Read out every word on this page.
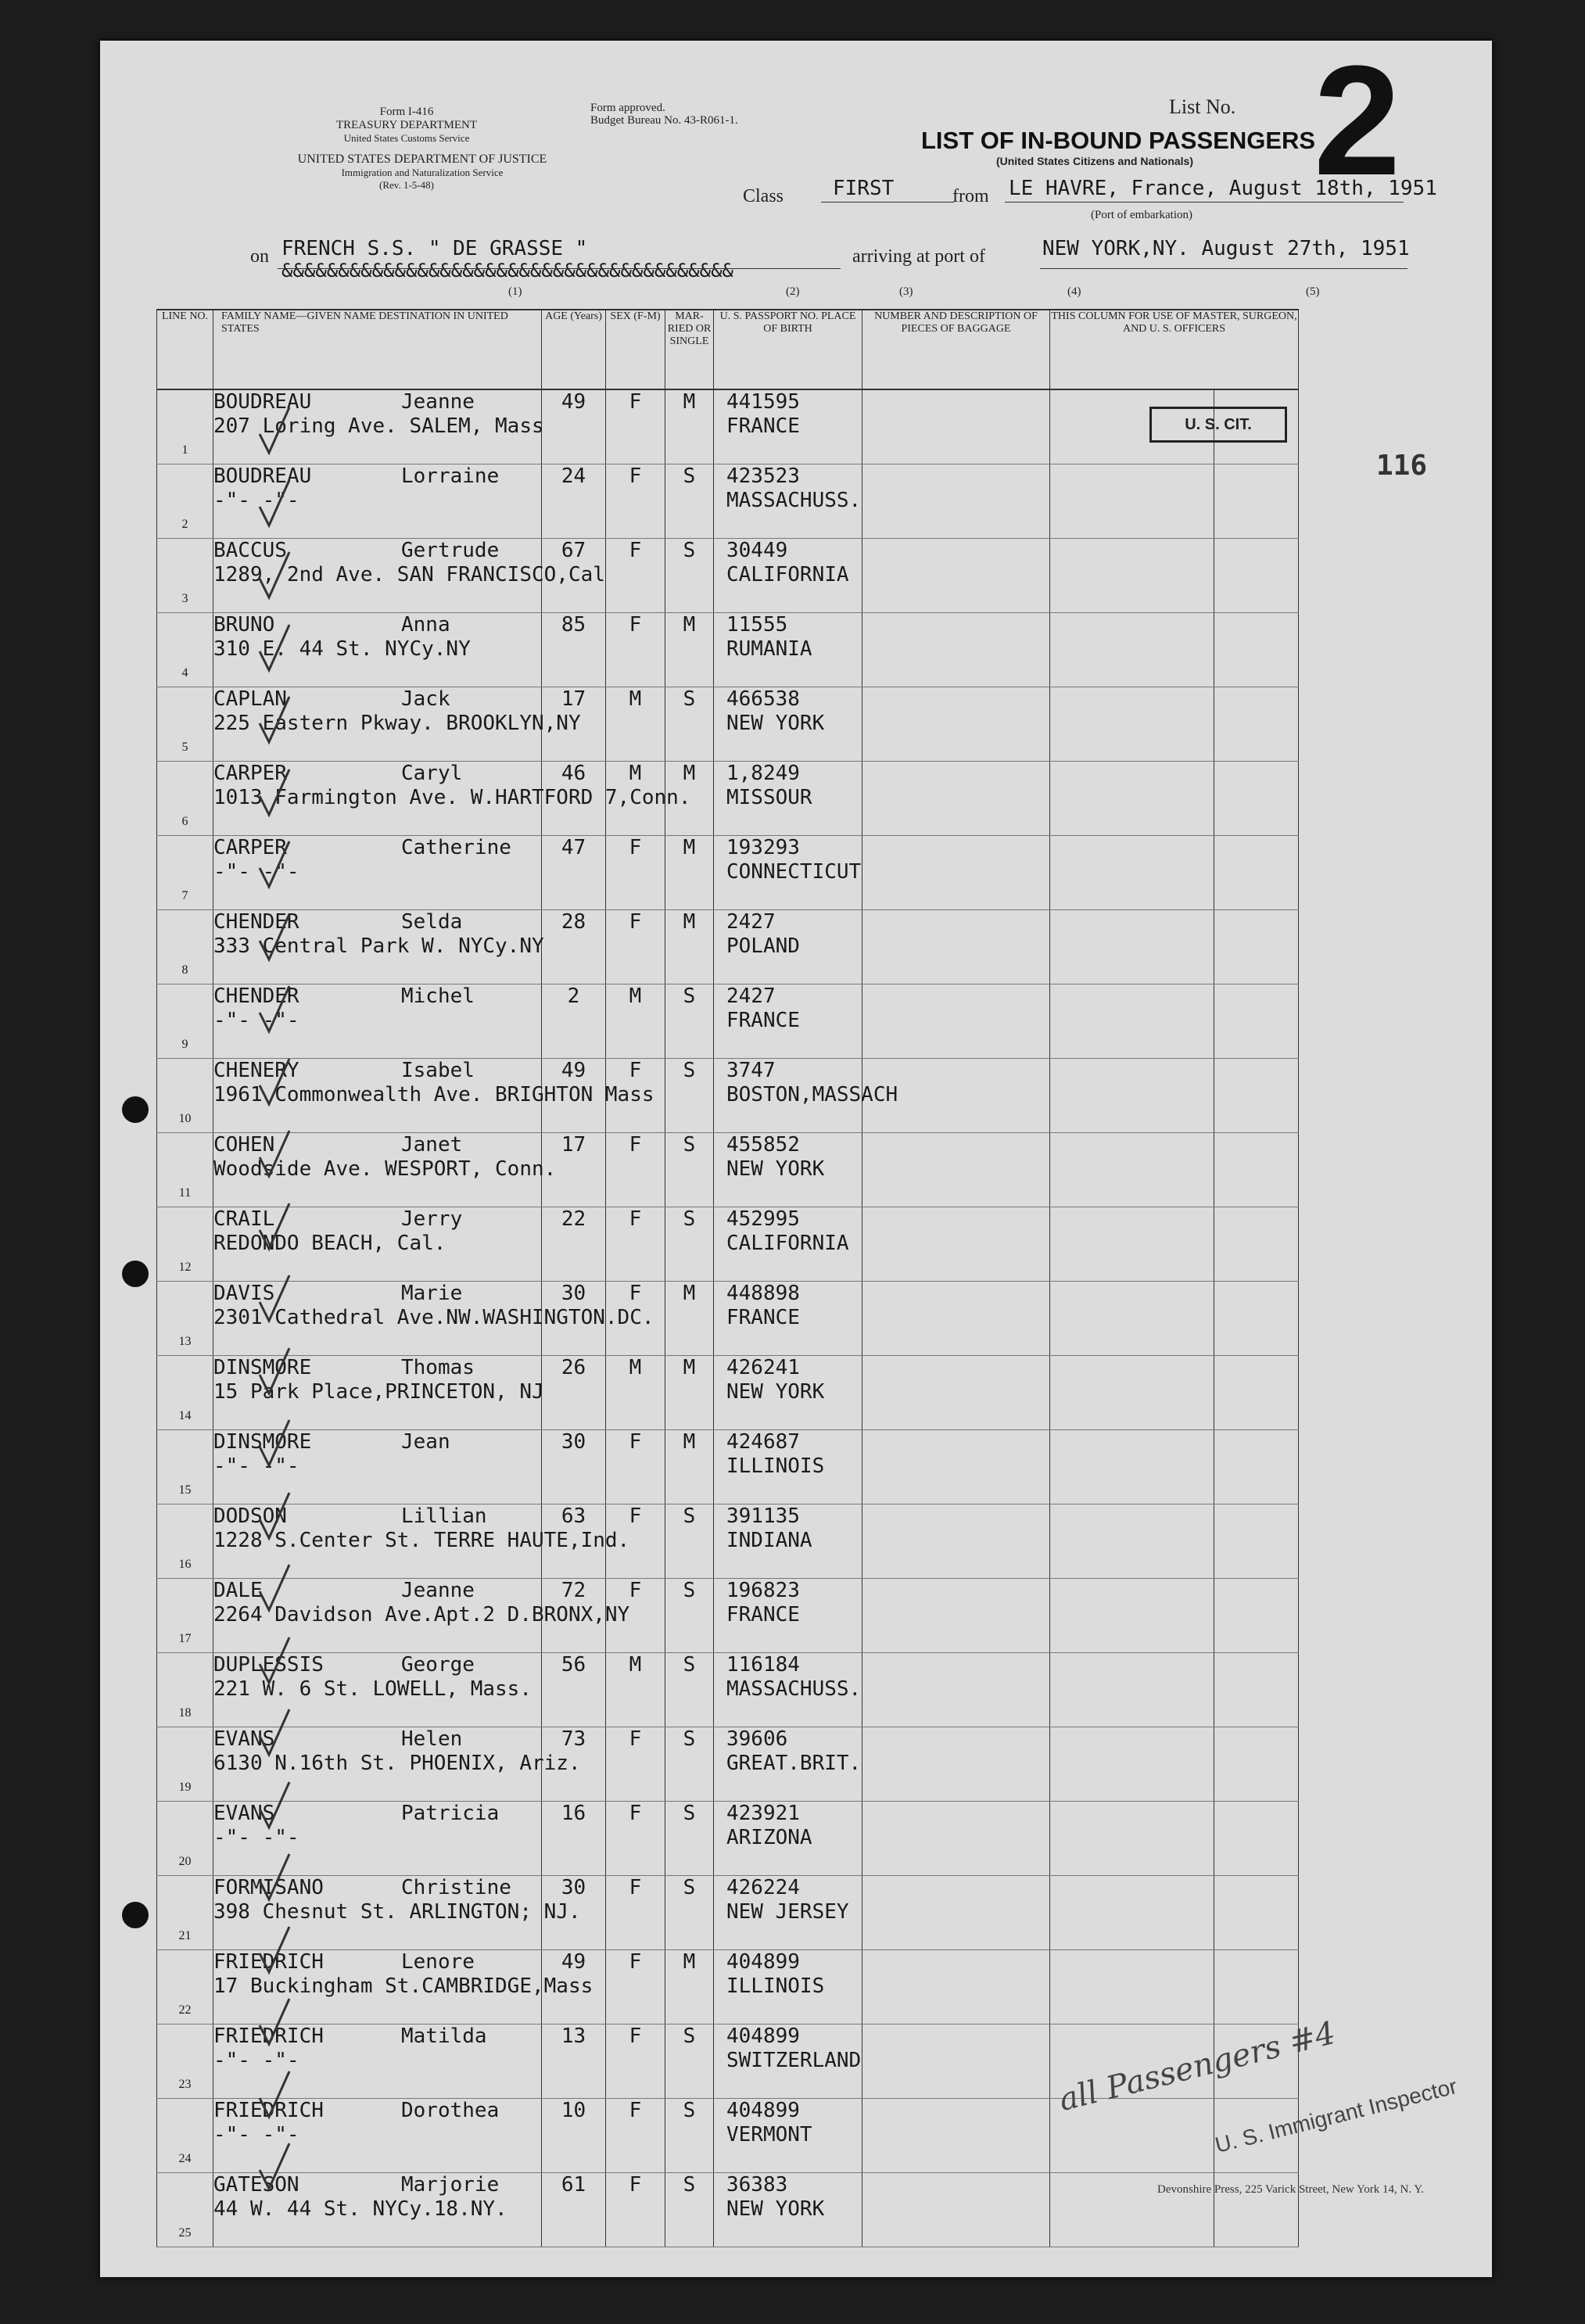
Form I-416
TREASURY DEPARTMENT
United States Customs Service
UNITED STATES DEPARTMENT OF JUSTICE
Immigration and Naturalization Service
(Rev. 1-5-48)
Form approved.
Budget Bureau No. 43-R061-1.
List No. 2
LIST OF IN-BOUND PASSENGERS
(United States Citizens and Nationals)
Class FIRST	from LE HAVRE, France, August 18th, 1951
(Port of embarkation)
on FRENCH S.S. " DE GRASSE "
&&&&&&&&&&&&&&&&&&&&&&&&&&&&&&&&&&&&&&&&
arriving at port of	NEW YORK,NY. August 27th, 1951
(1)	(2)	(3)	(4)	(5)
LINE NO.	FAMILY NAME—GIVEN NAME DESTINATION IN UNITED STATES	AGE (Years)	SEX (F-M)	MAR- RIED OR SINGLE	U. S. PASSPORT NO. PLACE OF BIRTH	NUMBER AND DESCRIPTION OF PIECES OF BAGGAGE	THIS COLUMN FOR USE OF MASTER, SURGEON, AND U. S. OFFICERS	

1	BOUDREAU Jeanne
207 Loring Ave. SALEM, Mass	49	F	M	441595
FRANCE			

2	BOUDREAU Lorraine
-"- -"-	24	F	S	423523
MASSACHUSS.			

3	BACCUS Gertrude
1289, 2nd Ave. SAN FRANCISCO,Cal	67	F	S	30449
CALIFORNIA			

4	BRUNO Anna
310 E. 44 St. NYCy.NY	85	F	M	11555
RUMANIA			

5	CAPLAN Jack
225 Eastern Pkway. BROOKLYN,NY	17	M	S	466538
NEW YORK			

6	CARPER Caryl
1013 Farmington Ave. W.HARTFORD 7,Conn.	46	M	M	1,8249
MISSOUR			

7	CARPER Catherine
-"- -"-	47	F	M	193293
CONNECTICUT			

8	CHENDER Selda
333 Central Park W. NYCy.NY	28	F	M	2427
POLAND			

9	CHENDER Michel
-"- -"-	2	M	S	2427
FRANCE			

10	CHENERY Isabel
1961 Commonwealth Ave. BRIGHTON Mass	49	F	S	3747
BOSTON,MASSACH			

11	COHEN Janet
Woodside Ave. WESPORT, Conn.	17	F	S	455852
NEW YORK			

12	CRAIL Jerry
REDONDO BEACH, Cal.	22	F	S	452995
CALIFORNIA			

13	DAVIS Marie
2301 Cathedral Ave.NW.WASHINGTON.DC.	30	F	M	448898
FRANCE			

14	DINSMORE Thomas
15 Park Place,PRINCETON, NJ	26	M	M	426241
NEW YORK			

15	DINSMORE Jean
-"- -"-	30	F	M	424687
ILLINOIS			

16	DODSON Lillian
1228 S.Center St. TERRE HAUTE,Ind.	63	F	S	391135
INDIANA			

17	DALE Jeanne
2264 Davidson Ave.Apt.2 D.BRONX,NY	72	F	S	196823
FRANCE			

18	DUPLESSIS George
221 W. 6 St. LOWELL, Mass.	56	M	S	116184
MASSACHUSS.			

19	EVANS Helen
6130 N.16th St. PHOENIX, Ariz.	73	F	S	39606
GREAT.BRIT.			

20	EVANS Patricia
-"- -"-	16	F	S	423921
ARIZONA			

21	FORMISANO Christine
398 Chesnut St. ARLINGTON; NJ.	30	F	S	426224
NEW JERSEY			

22	FRIEDRICH Lenore
17 Buckingham St.CAMBRIDGE,Mass	49	F	M	404899
ILLINOIS			

23	FRIEDRICH Matilda
-"- -"-	13	F	S	404899
SWITZERLAND			

24	FRIEDRICH Dorothea
-"- -"-	10	F	S	404899
VERMONT			

25	GATESON Marjorie
44 W. 44 St. NYCy.18.NY.	61	F	S	36383
NEW YORK			

U. S. CIT.
116
all Passengers #4
U. S. Immigrant Inspector
Devonshire Press, 225 Varick Street, New York 14, N. Y.
